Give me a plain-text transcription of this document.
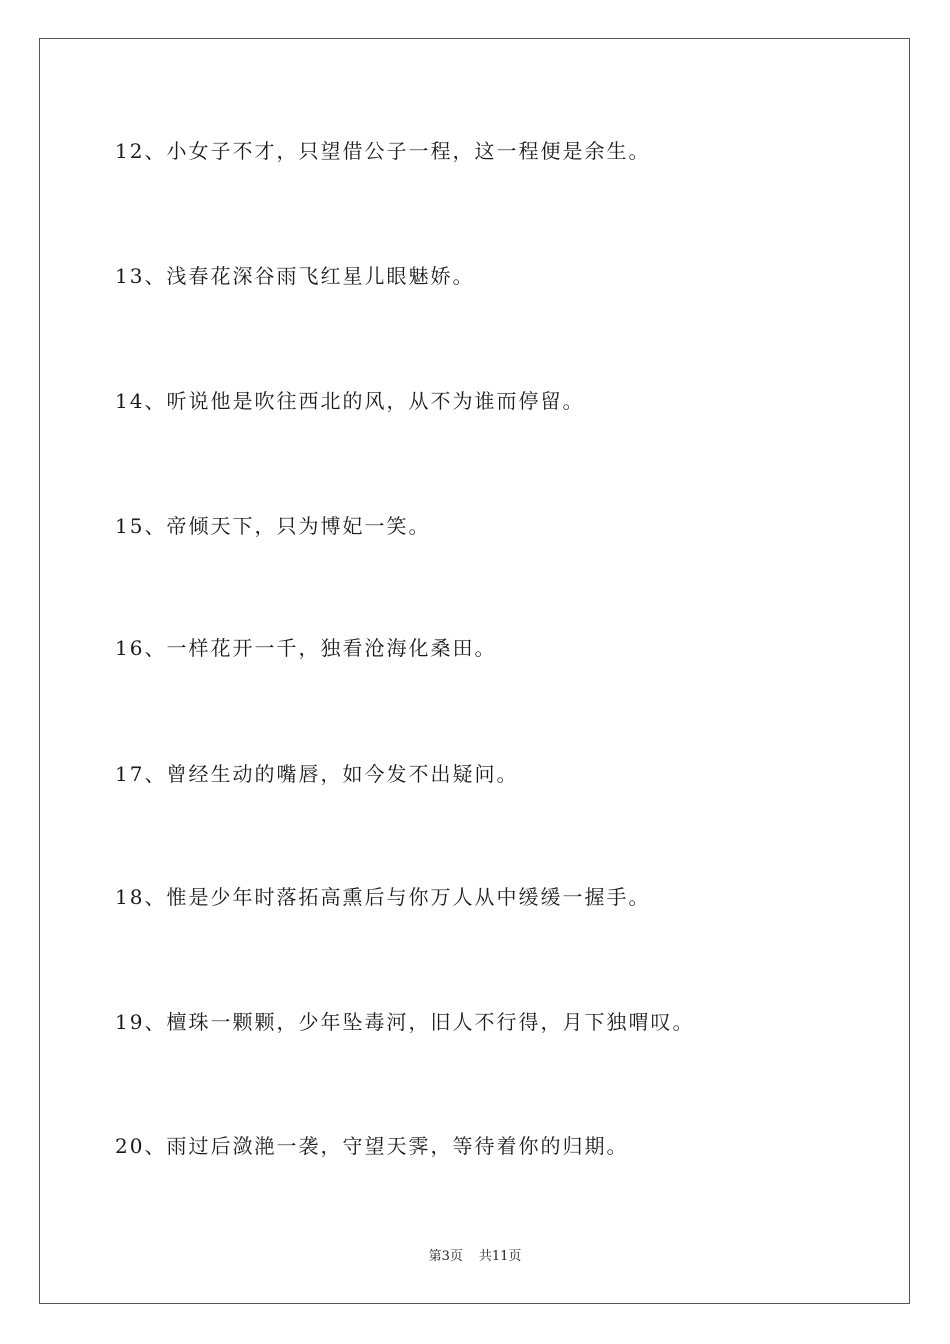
12、小女子不才，只望借公子一程，这一程便是余生。
13、浅春花深谷雨飞红星儿眼魅娇。
14、听说他是吹往西北的风，从不为谁而停留。
15、帝倾天下，只为博妃一笑。
16、一样花开一千，独看沧海化桑田。
17、曾经生动的嘴唇，如今发不出疑问。
18、惟是少年时落拓高熏后与你万人从中缓缓一握手。
19、檀珠一颗颗，少年坠毒河，旧人不行得，月下独喟叹。
20、雨过后潋滟一袭，守望天霁，等待着你的归期。
第3页 共11页
